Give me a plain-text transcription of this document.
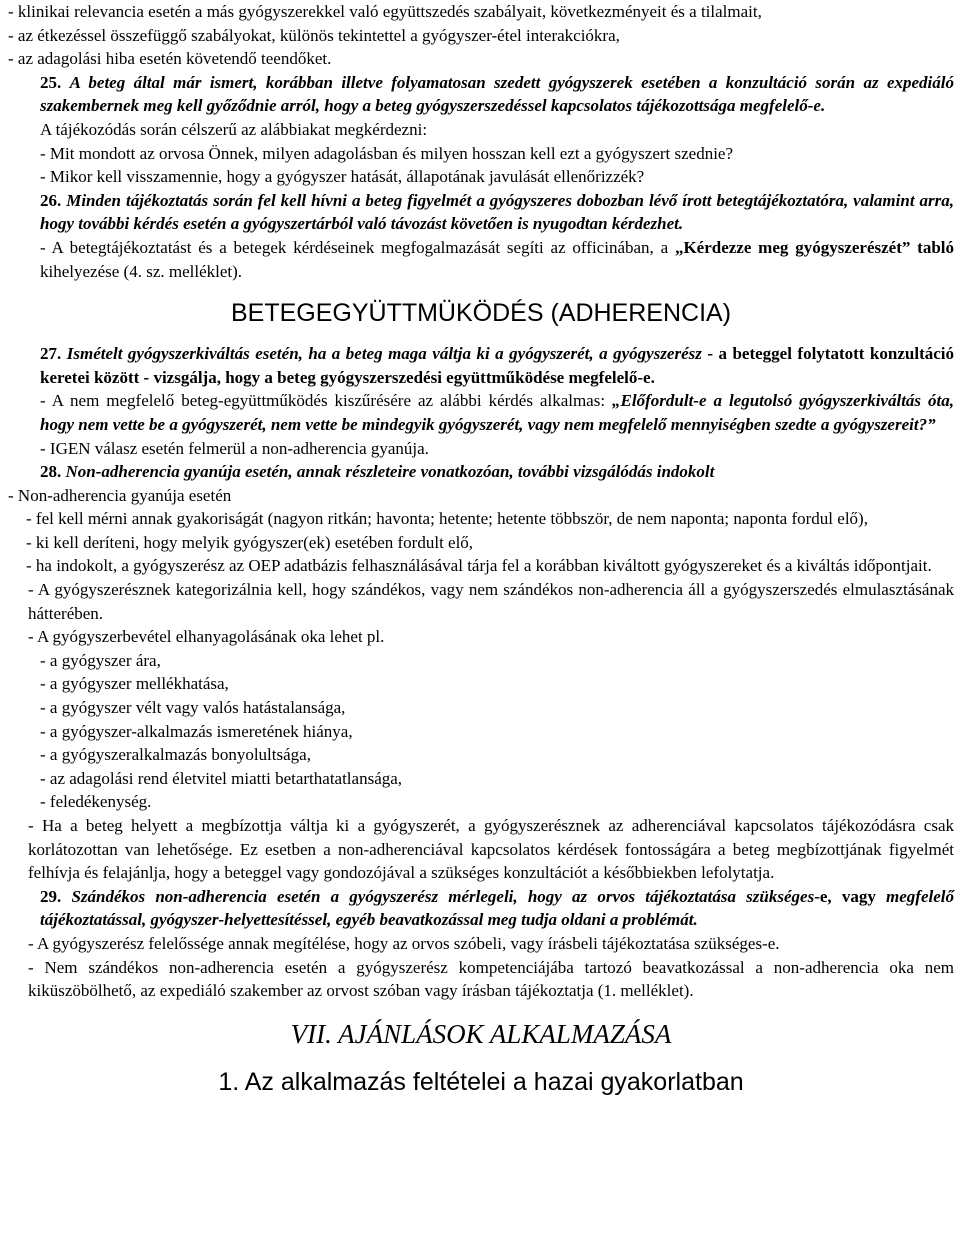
- klinikai relevancia esetén a más gyógyszerekkel való együttszedés szabályait, következményeit és a tilalmait,

- az étkezéssel összefüggő szabályokat, különös tekintettel a gyógyszer-étel interakciókra,

- az adagolási hiba esetén követendő teendőket.

25. A beteg által már ismert, korábban illetve folyamatosan szedett gyógyszerek esetében a konzultáció során az expediáló szakembernek meg kell győződnie arról, hogy a beteg gyógyszerszedéssel kapcsolatos tájékozottsága megfelelő-e.

A tájékozódás során célszerű az alábbiakat megkérdezni:

- Mit mondott az orvosa Önnek, milyen adagolásban és milyen hosszan kell ezt a gyógyszert szednie?

- Mikor kell visszamennie, hogy a gyógyszer hatását, állapotának javulását ellenőrizzék?

26. Minden tájékoztatás során fel kell hívni a beteg figyelmét a gyógyszeres dobozban lévő írott betegtájékoztatóra, valamint arra, hogy további kérdés esetén a gyógyszertárból való távozást követően is nyugodtan kérdezhet.

- A betegtájékoztatást és a betegek kérdéseinek megfogalmazását segíti az officinában, a „Kérdezze meg gyógyszerészét” tabló kihelyezése (4. sz. melléklet).

BETEGEGYÜTTMÜKÖDÉS (ADHERENCIA)

27. Ismételt gyógyszerkiváltás esetén, ha a beteg maga váltja ki a gyógyszerét, a gyógyszerész - a beteggel folytatott konzultáció keretei között - vizsgálja, hogy a beteg gyógyszerszedési együttműködése megfelelő-e.

- A nem megfelelő beteg-együttműködés kiszűrésére az alábbi kérdés alkalmas: „Előfordult-e a legutolsó gyógyszerkiváltás óta, hogy nem vette be a gyógyszerét, nem vette be mindegyik gyógyszerét, vagy nem megfelelő mennyiségben szedte a gyógyszereit?”

- IGEN válasz esetén felmerül a non-adherencia gyanúja.

28. Non-adherencia gyanúja esetén, annak részleteire vonatkozóan, további vizsgálódás indokolt

- Non-adherencia gyanúja esetén

- fel kell mérni annak gyakoriságát (nagyon ritkán; havonta; hetente; hetente többször, de nem naponta; naponta fordul elő),

- ki kell deríteni, hogy melyik gyógyszer(ek) esetében fordult elő,

- ha indokolt, a gyógyszerész az OEP adatbázis felhasználásával tárja fel a korábban kiváltott gyógyszereket és a kiváltás időpontjait.

- A gyógyszerésznek kategorizálnia kell, hogy szándékos, vagy nem szándékos non-adherencia áll a gyógyszerszedés elmulasztásának hátterében.

- A gyógyszerbevétel elhanyagolásának oka lehet pl.

- a gyógyszer ára,

- a gyógyszer mellékhatása,

- a gyógyszer vélt vagy valós hatástalansága,

- a gyógyszer-alkalmazás ismeretének hiánya,

- a gyógyszeralkalmazás bonyolultsága,

- az adagolási rend életvitel miatti betarthatatlansága,

- feledékenység.

- Ha a beteg helyett a megbízottja váltja ki a gyógyszerét, a gyógyszerésznek az adherenciával kapcsolatos tájékozódásra csak korlátozottan van lehetősége. Ez esetben a non-adherenciával kapcsolatos kérdések fontosságára a beteg megbízottjának figyelmét felhívja és felajánlja, hogy a beteggel vagy gondozójával a szükséges konzultációt a későbbiekben lefolytatja.

29. Szándékos non-adherencia esetén a gyógyszerész mérlegeli, hogy az orvos tájékoztatása szükséges-e, vagy megfelelő tájékoztatással, gyógyszer-helyettesítéssel, egyéb beavatkozással meg tudja oldani a problémát.

- A gyógyszerész felelőssége annak megítélése, hogy az orvos szóbeli, vagy írásbeli tájékoztatása szükséges-e.

- Nem szándékos non-adherencia esetén a gyógyszerész kompetenciájába tartozó beavatkozással a non-adherencia oka nem kiküszöbölhető, az expediáló szakember az orvost szóban vagy írásban tájékoztatja (1. melléklet).

VII. AJÁNLÁSOK ALKALMAZÁSA
1. Az alkalmazás feltételei a hazai gyakorlatban
